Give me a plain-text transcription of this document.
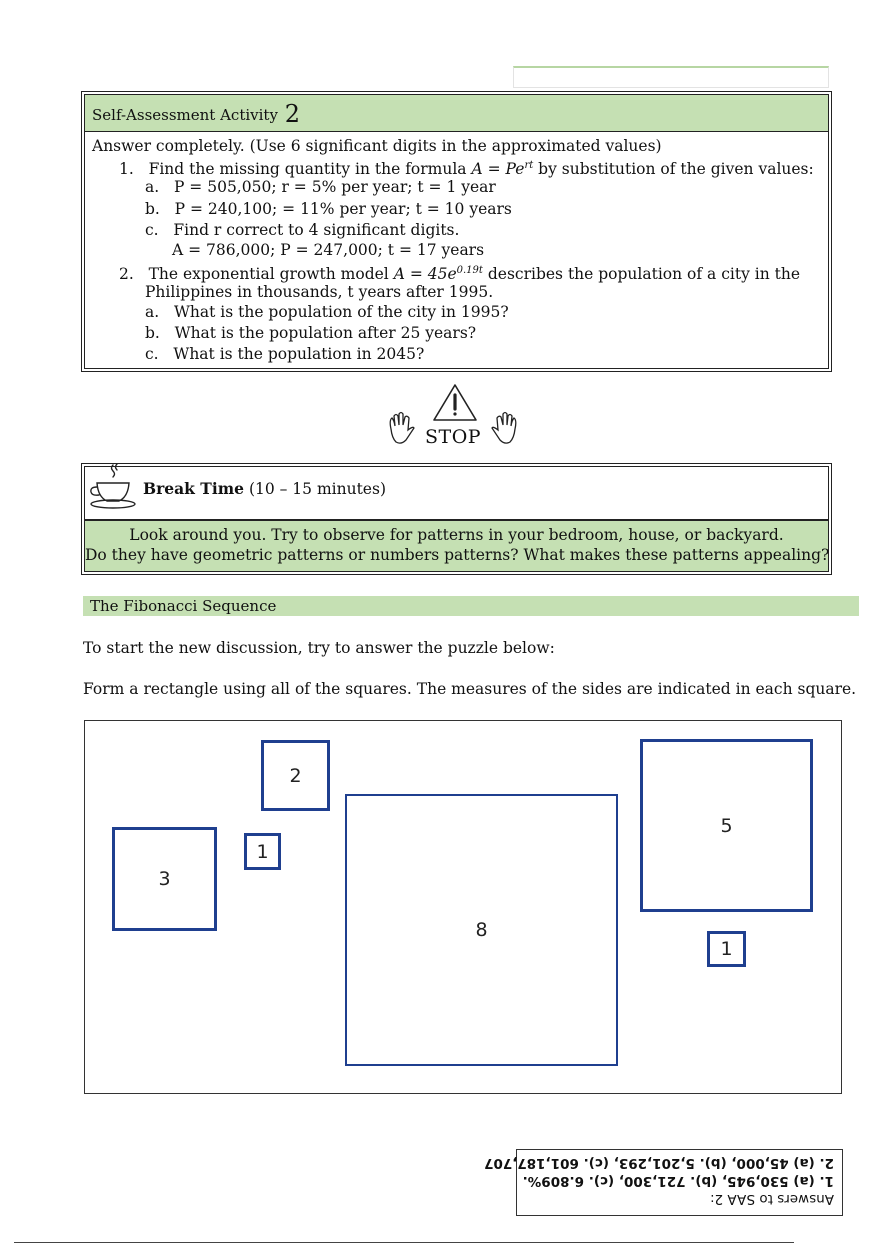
Self-Assessment Activity 2
Answer completely. (Use 6 significant digits in the approximated values)
1. Find the missing quantity in the formula $A = Pe^{rt}$ by substitution of the given values:
a. P = 505,050; r = 5% per year; t = 1 year
b. P = 240,100; = 11% per year; t = 10 years
c. Find r correct to 4 significant digits.
A = 786,000; P = 247,000; t = 17 years
2. The exponential growth model $A = 45e^{0.19t}$ describes the population of a city in the
Philippines in thousands, t years after 1995.
a. What is the population of the city in 1995?
b. What is the population after 25 years?
c. What is the population in 2045?
STOP
Break Time (10 – 15 minutes)
Look around you. Try to observe for patterns in your bedroom, house, or backyard.
Do they have geometric patterns or numbers patterns? What makes these patterns appealing?
The Fibonacci Sequence
To start the new discussion, try to answer the puzzle below:
Form a rectangle using all of the squares. The measures of the sides are indicated in each square.
2
1
3
8
5
1
Answers to SAA 2:
1. (a) 530,945, (b). 721,300, (c). 6.809%.
2. (a) 45,000, (b). 5,201,293, (c). 601,187,707
